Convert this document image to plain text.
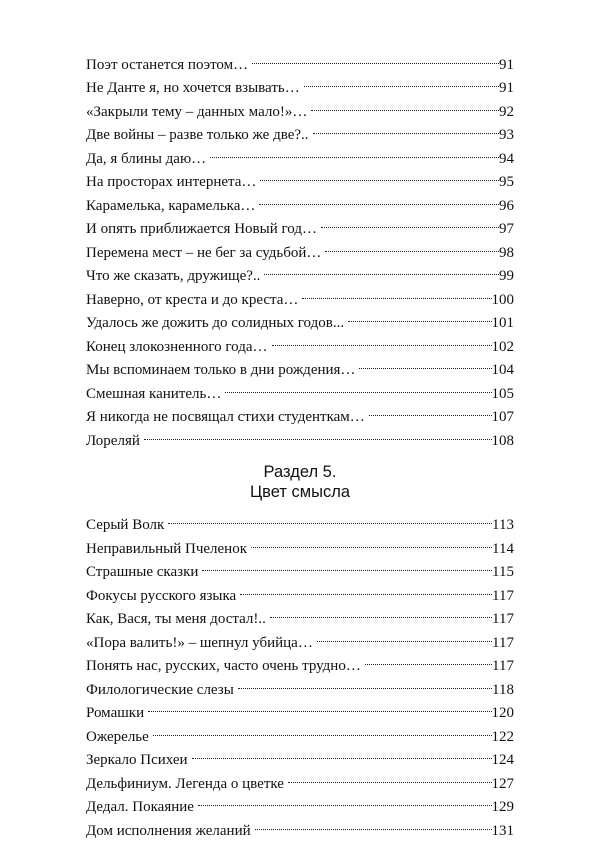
Поэт останется поэтом…	91
Не Данте я, но хочется взывать…	91
«Закрыли тему – данных мало!»…	92
Две войны – разве только же две?..	93
Да, я блины даю…	94
На просторах интернета…	95
Карамелька, карамелька…	96
И опять приближается Новый год…	97
Перемена мест – не бег за судьбой…	98
Что же сказать, дружище?..	99
Наверно, от креста и до креста…	100
Удалось же дожить до солидных годов...	101
Конец злокозненного года…	102
Мы вспоминаем только в дни рождения…	104
Смешная канитель…	105
Я никогда не посвящал стихи студенткам…	107
Лореляй	108
Раздел 5.
Цвет смысла
Серый Волк	113
Неправильный Пчеленок	114
Страшные сказки	115
Фокусы русского языка	117
Как, Вася, ты меня достал!..	117
«Пора валить!» – шепнул убийца…	117
Понять нас, русских, часто очень трудно…	117
Филологические слезы	118
Ромашки	120
Ожерелье	122
Зеркало Психеи	124
Дельфиниум. Легенда о цветке	127
Дедал. Покаяние	129
Дом исполнения желаний	131
